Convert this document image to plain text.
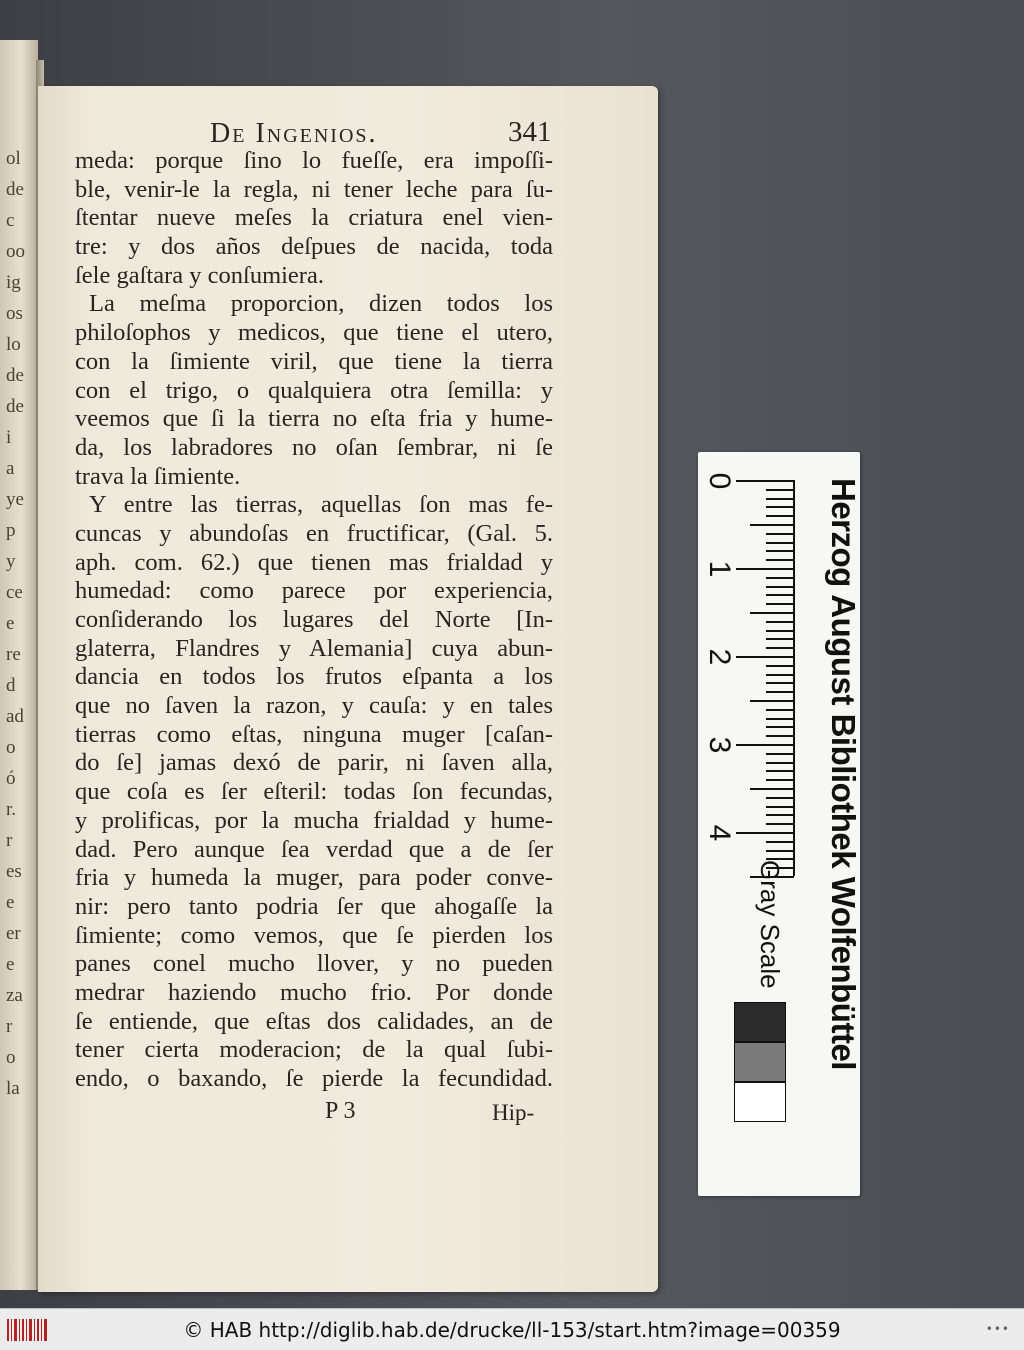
ol
de
c
oo
ig
os
lo
de
de
i
a
ye
p
y
ce
e
re
d
ad
o
ó
r.
r
es
e
er
e
za
r
o
la
De Ingenios.	341
meda: porque ſino lo fueſſe, era impoſſi-
ble, venir-le la regla, ni tener leche para ſu-
ſtentar nueve meſes la criatura enel vien-
tre: y dos años deſpues de nacida, toda
ſele gaſtara y conſumiera.
La meſma proporcion, dizen todos los
philoſophos y medicos, que tiene el utero,
con la ſimiente viril, que tiene la tierra
con el trigo, o qualquiera otra ſemilla: y
veemos que ſi la tierra no eſta fria y hume-
da, los labradores no oſan ſembrar, ni ſe
trava la ſimiente.
Y entre las tierras, aquellas ſon mas fe-
cuncas y abundoſas en fructificar, (Gal. 5.
aph. com. 62.) que tienen mas frialdad y
humedad: como parece por experiencia,
conſiderando los lugares del Norte [In-
glaterra, Flandres y Alemania] cuya abun-
dancia en todos los frutos eſpanta a los
que no ſaven la razon, y cauſa: y en tales
tierras como eſtas, ninguna muger [caſan-
do ſe] jamas dexó de parir, ni ſaven alla,
que coſa es ſer eſteril: todas ſon fecundas,
y prolificas, por la mucha frialdad y hume-
dad. Pero aunque ſea verdad que a de ſer
fria y humeda la muger, para poder conve-
nir: pero tanto podria ſer que ahogaſſe la
ſimiente; como vemos, que ſe pierden los
panes conel mucho llover, y no pueden
medrar haziendo mucho frio. Por donde
ſe entiende, que eſtas dos calidades, an de
tener cierta moderacion; de la qual ſubi-
endo, o baxando, ſe pierde la fecundidad.
P 3	Hip-
0
1
2
3
4	Herzog August Bibliothek Wolfenbüttel
Gray Scale
© HAB http://diglib.hab.de/drucke/ll-153/start.htm?image=00359	•••
